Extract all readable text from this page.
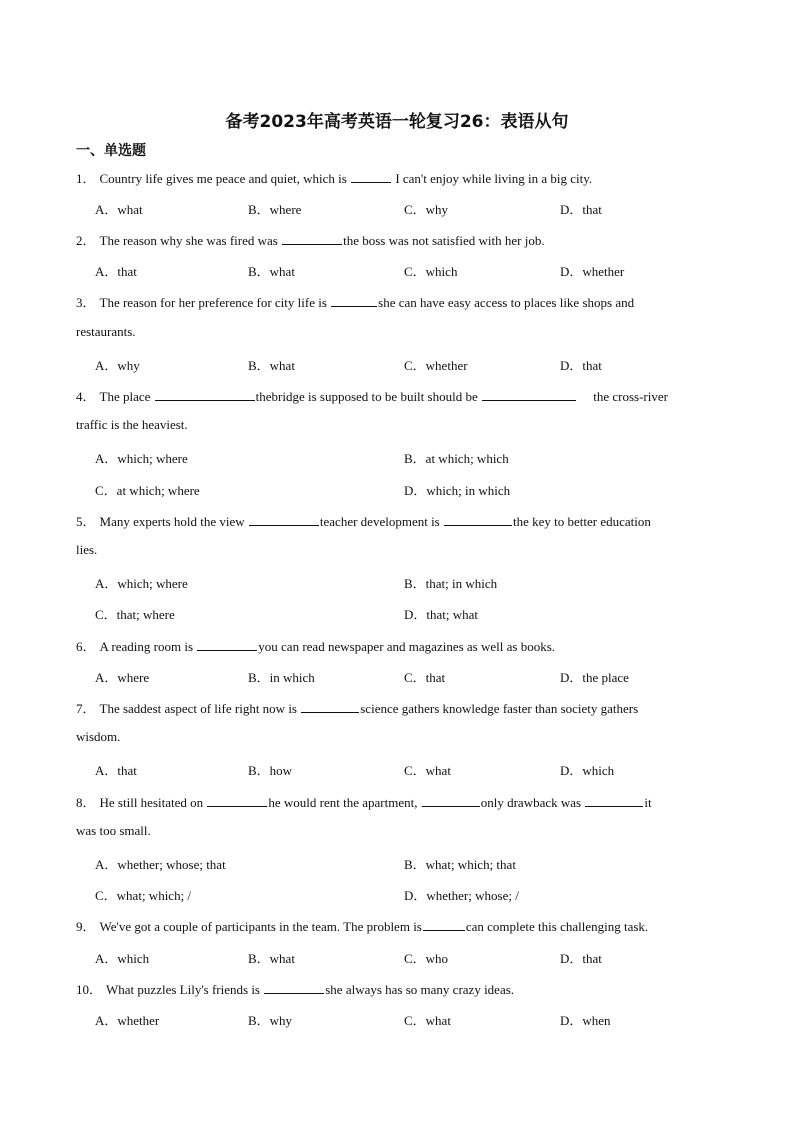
备考2023年高考英语一轮复习26：表语从句
一、单选题
1． Country life gives me peace and quiet, which is	I can't enjoy while living in a big city.
A．what	B．where	C．why	D．that
2． The reason why she was fired was	the boss was not satisfied with her job.
A．that	B．what	C．which	D．whether
3． The reason for her preference for city life is	she can have easy access to places like shops and
restaurants.
A．why	B．what	C．whether	D．that
4． The place	thebridge is supposed to be built should be	the cross-river
traffic is the heaviest.
A．which; where	B．at which; which
C．at which; where	D．which; in which
5． Many experts hold the view	teacher development is	the key to better education
lies.
A．which; where	B．that; in which
C．that; where	D．that; what
6． A reading room is	you can read newspaper and magazines as well as books.
A．where	B．in which	C．that	D．the place
7． The saddest aspect of life right now is	science gathers knowledge faster than society gathers
wisdom.
A．that	B．how	C．what	D．which
8． He still hesitated on	he would rent the apartment,	only drawback was	it
was too small.
A．whether; whose; that	B．what; which; that
C．what; which; /	D．whether; whose; /
9． We've got a couple of participants in the team. The problem is	can complete this challenging task.
A．which	B．what	C．who	D．that
10． What puzzles Lily's friends is	she always has so many crazy ideas.
A．whether	B．why	C．what	D．when
